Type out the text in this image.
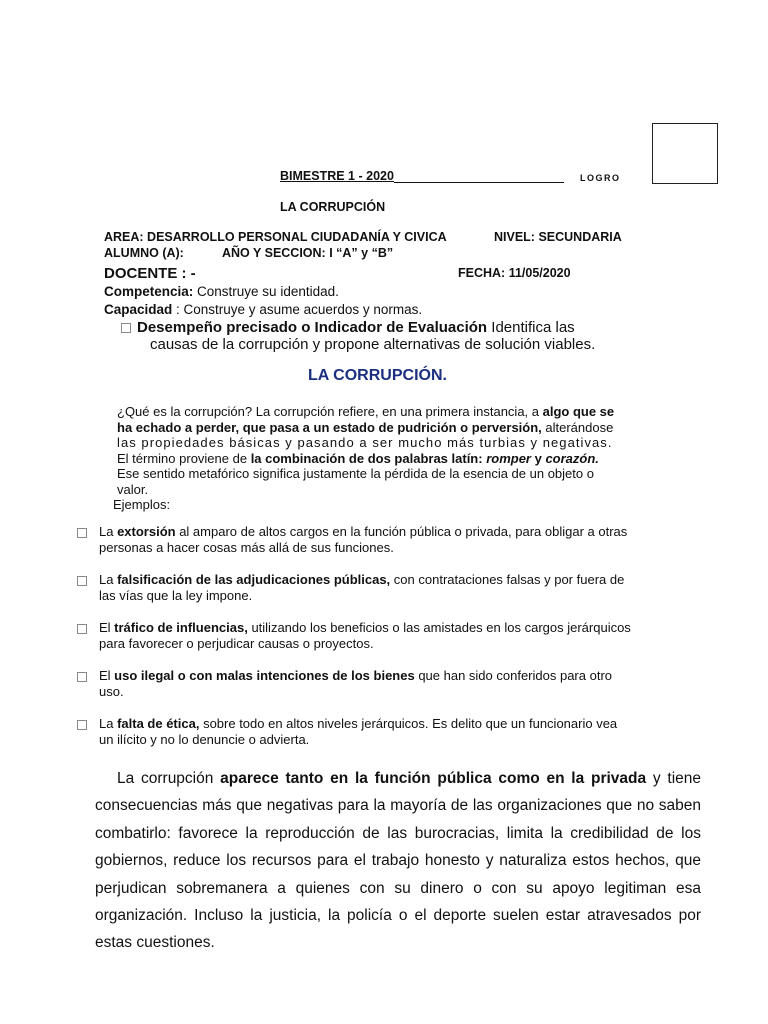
BIMESTRE 1 - 2020	LOGRO
LA CORRUPCIÓN
AREA: DESARROLLO PERSONAL CIUDADANÍA Y CIVICA	NIVEL: SECUNDARIA
ALUMNO (A):	AÑO Y SECCION: I “A” y “B”
DOCENTE : -	FECHA: 11/05/2020
Competencia: Construye su identidad.
Capacidad : Construye y asume acuerdos y normas.
Desempeño precisado o Indicador de Evaluación Identifica las
causas de la corrupción y propone alternativas de solución viables.
LA CORRUPCIÓN.

¿Qué es la corrupción? La corrupción refiere, en una primera instancia, a algo que se

ha echado a perder, que pasa a un estado de pudrición o perversión, alterándose

las propiedades básicas y pasando a ser mucho más turbias y negativas.

El término proviene de la combinación de dos palabras latín: romper y corazón.

Ese sentido metafórico significa justamente la pérdida de la esencia de un objeto o

valor.

Ejemplos:

La extorsión al amparo de altos cargos en la función pública o privada, para obligar a otras

personas a hacer cosas más allá de sus funciones.

La falsificación de las adjudicaciones públicas, con contrataciones falsas y por fuera de

las vías que la ley impone.

El tráfico de influencias, utilizando los beneficios o las amistades en los cargos jerárquicos

para favorecer o perjudicar causas o proyectos.

El uso ilegal o con malas intenciones de los bienes que han sido conferidos para otro

uso.

La falta de ética, sobre todo en altos niveles jerárquicos. Es delito que un funcionario vea

un ilícito y no lo denuncie o advierta.

La corrupción aparece tanto en la función pública como en la privada y tiene consecuencias más que negativas para la mayoría de las organizaciones que no saben combatirlo: favorece la reproducción de las burocracias, limita la credibilidad de los gobiernos, reduce los recursos para el trabajo honesto y naturaliza estos hechos, que perjudican sobremanera a quienes con su dinero o con su apoyo legitiman esa organización. Incluso la justicia, la policía o el deporte suelen estar atravesados por estas cuestiones.
